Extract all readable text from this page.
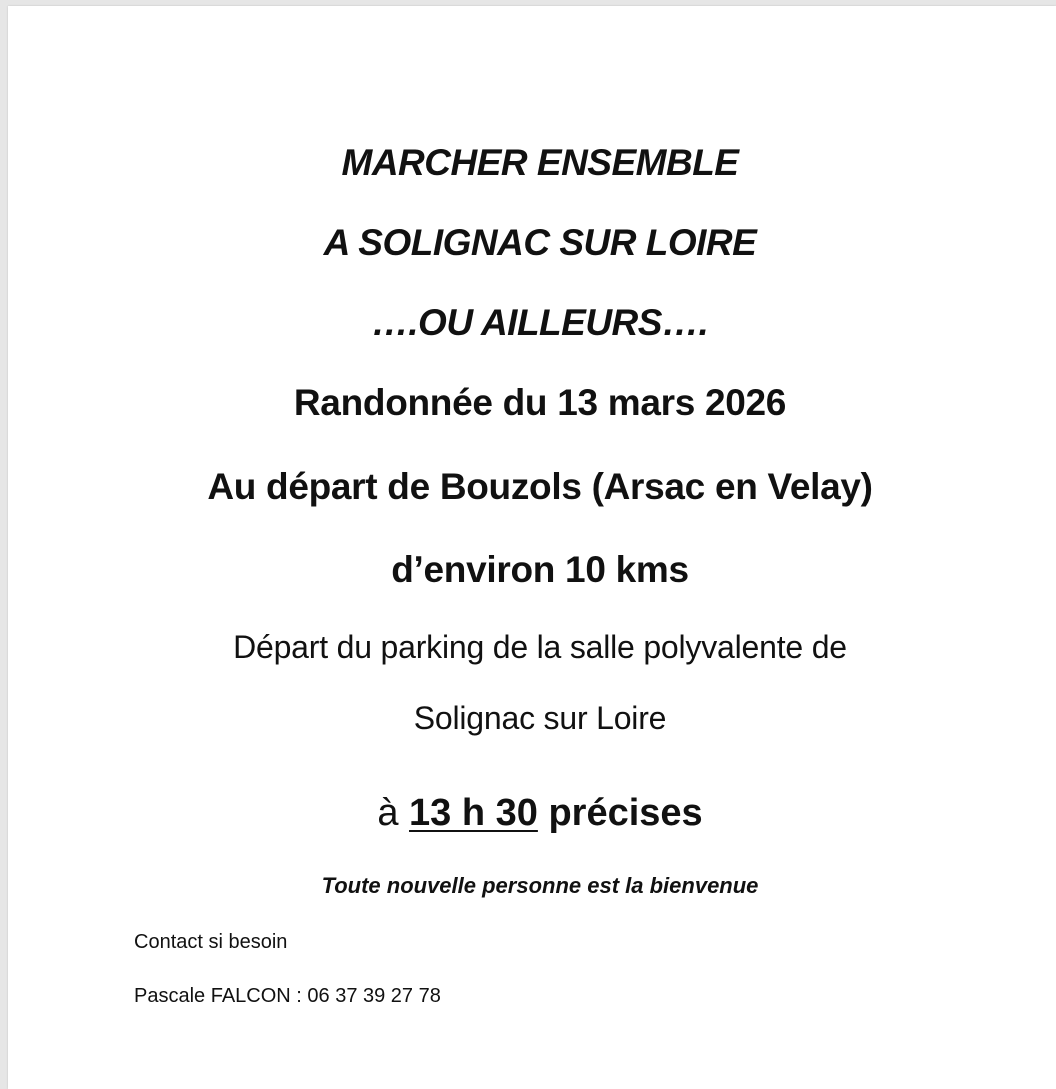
MARCHER ENSEMBLE
A SOLIGNAC SUR LOIRE
….OU AILLEURS….
Randonnée du 13 mars 2026
Au départ de Bouzols (Arsac en Velay)
d’environ 10 kms
Départ du parking de la salle polyvalente de
Solignac sur Loire
à 13 h 30 précises
Toute nouvelle personne est la bienvenue
Contact si besoin
Pascale FALCON : 06 37 39 27 78
